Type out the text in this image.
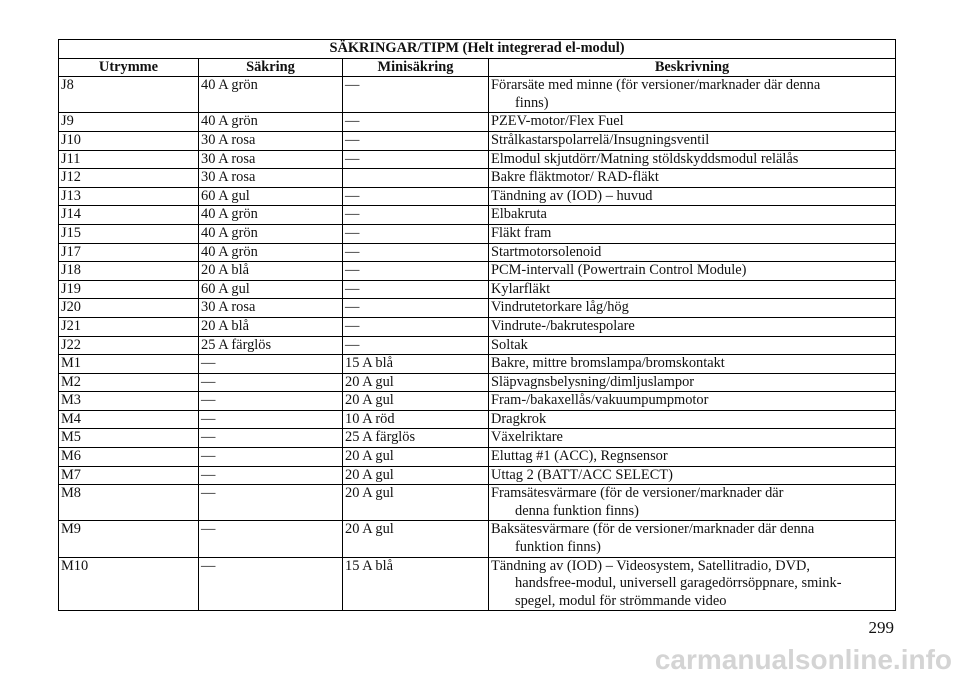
SÄKRINGAR/TIPM (Helt integrerad el-modul)			
Utrymme	Säkring	Minisäkring	Beskrivning
J8	40 A grön	—	Förarsäte med minne (för versioner/marknader där denna
finns)

J9	40 A grön	—	PZEV-motor/Flex Fuel
J10	30 A rosa	—	Strålkastarspolarrelä/Insugningsventil
J11	30 A rosa	—	Elmodul skjutdörr/Matning stöldskyddsmodul relälås
J12	30 A rosa		Bakre fläktmotor/ RAD-fläkt
J13	60 A gul	—	Tändning av (IOD) – huvud
J14	40 A grön	—	Elbakruta
J15	40 A grön	—	Fläkt fram
J17	40 A grön	—	Startmotorsolenoid
J18	20 A blå	—	PCM-intervall (Powertrain Control Module)
J19	60 A gul	—	Kylarfläkt
J20	30 A rosa	—	Vindrutetorkare låg/hög
J21	20 A blå	—	Vindrute-/bakrutespolare
J22	25 A färglös	—	Soltak
M1	—	15 A blå	Bakre, mittre bromslampa/bromskontakt
M2	—	20 A gul	Släpvagnsbelysning/dimljuslampor
M3	—	20 A gul	Fram-/bakaxellås/vakuumpumpmotor
M4	—	10 A röd	Dragkrok
M5	—	25 A färglös	Växelriktare
M6	—	20 A gul	Eluttag #1 (ACC), Regnsensor
M7	—	20 A gul	Uttag 2 (BATT/ACC SELECT)
M8	—	20 A gul	Framsätesvärmare (för de versioner/marknader där
denna funktion finns)

M9	—	20 A gul	Baksätesvärmare (för de versioner/marknader där denna
funktion finns)

M10	—	15 A blå	Tändning av (IOD) – Videosystem, Satellitradio, DVD,
handsfree-modul, universell garagedörrsöppnare, smink-
spegel, modul för strömmande video
299
carmanualsonline.info
